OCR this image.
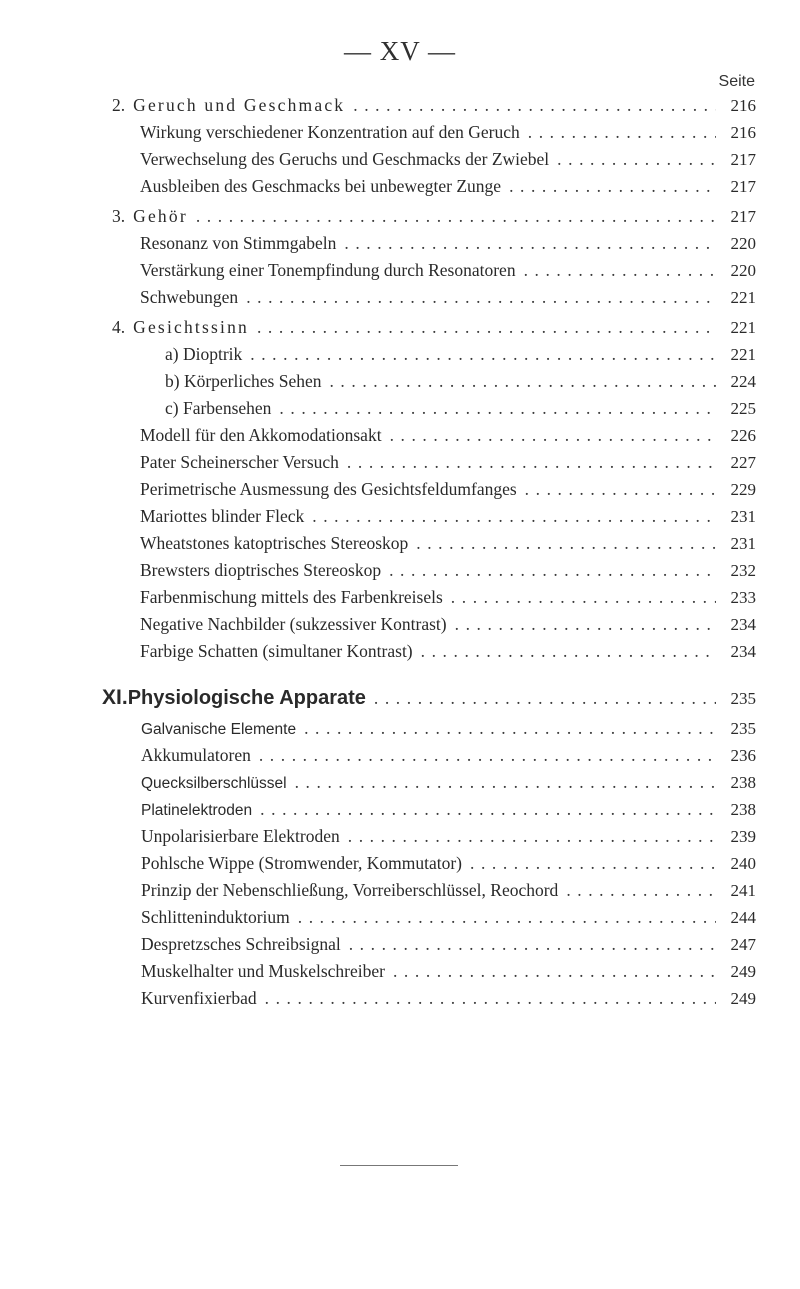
— XV —
Seite
2. Geruch und Geschmack . . .	216
Wirkung verschiedener Konzentration auf den Geruch . . .	216
Verwechselung des Geruchs und Geschmacks der Zwiebel . . .	217
Ausbleiben des Geschmacks bei unbewegter Zunge . . .	217
3. Gehör . . .	217
Resonanz von Stimmgabeln . . .	220
Verstärkung einer Tonempfindung durch Resonatoren . . .	220
Schwebungen . . .	221
4. Gesichtssinn . . .	221
a) Dioptrik . . .	221
b) Körperliches Sehen . . .	224
c) Farbensehen . . .	225
Modell für den Akkomodationsakt . . .	226
Pater Scheinerscher Versuch . . .	227
Perimetrische Ausmessung des Gesichtsfeldumfanges . . .	229
Mariottes blinder Fleck . . .	231
Wheatstones katoptrisches Stereoskop . . .	231
Brewsters dioptrisches Stereoskop . . .	232
Farbenmischung mittels des Farbenkreisels . . .	233
Negative Nachbilder (sukzessiver Kontrast) . . .	234
Farbige Schatten (simultaner Kontrast) . . .	234
XI. Physiologische Apparate . . .	235
Galvanische Elemente . . .	235
Akkumulatoren . . .	236
Quecksilberschlüssel . . .	238
Platinelektroden . . .	238
Unpolarisierbare Elektroden . . .	239
Pohlsche Wippe (Stromwender, Kommutator) . . .	240
Prinzip der Nebenschließung, Vorreiberschlüssel, Reochord . . .	241
Schlitteninduktorium . . .	244
Despretzsches Schreibsignal . . .	247
Muskelhalter und Muskelschreiber . . .	249
Kurvenfixierbad . . .	249
